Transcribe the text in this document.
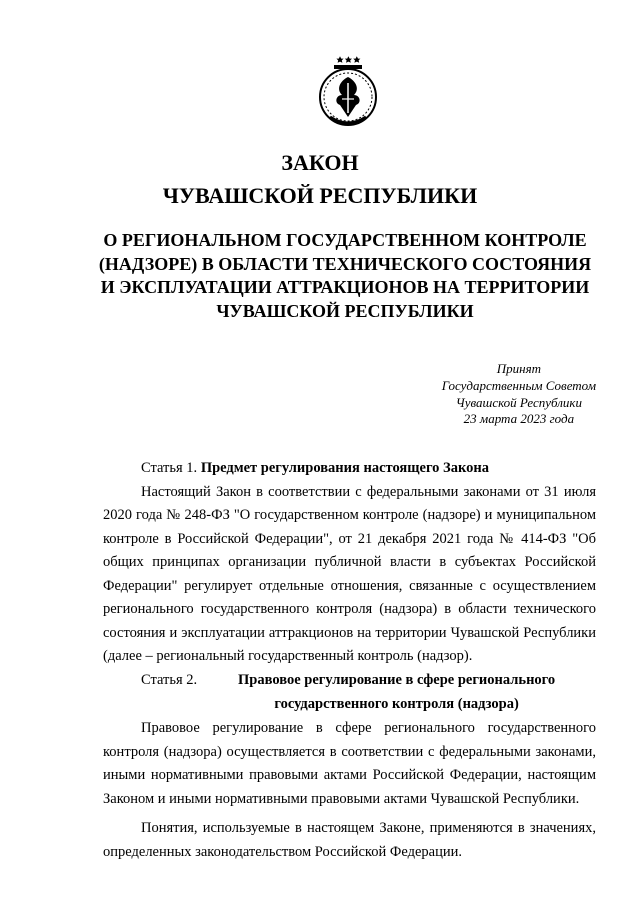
ЗАКОН
ЧУВАШСКОЙ РЕСПУБЛИКИ
О РЕГИОНАЛЬНОМ ГОСУДАРСТВЕННОМ КОНТРОЛЕ
(НАДЗОРЕ) В ОБЛАСТИ ТЕХНИЧЕСКОГО СОСТОЯНИЯ
И ЭКСПЛУАТАЦИИ АТТРАКЦИОНОВ НА ТЕРРИТОРИИ
ЧУВАШСКОЙ РЕСПУБЛИКИ
Принят
Государственным Советом
Чувашской Республики
23 марта 2023 года

Статья 1. Предмет регулирования настоящего Закона

Настоящий Закон в соответствии с федеральными законами от 31 июля 2020 года № 248-ФЗ "О государственном контроле (надзоре) и муниципальном контроле в Российской Федерации", от 21 декабря 2021 года № 414-ФЗ "Об общих принципах организации публичной власти в субъектах Российской Федерации" регулирует отдельные отношения, связанные с осуществлением регионального государственного контроля (надзора) в области технического состояния и эксплуатации аттракционов на территории Чувашской Республики (далее – региональный государственный контроль (надзор).

Статья 2.	Правовое регулирование в сфере регионального государственного контроля (надзора)

Правовое регулирование в сфере регионального государственного контроля (надзора) осуществляется в соответствии с федеральными законами, иными нормативными правовыми актами Российской Федерации, настоящим Законом и иными нормативными правовыми актами Чувашской Республики.

Понятия, используемые в настоящем Законе, применяются в значениях, определенных законодательством Российской Федерации.
